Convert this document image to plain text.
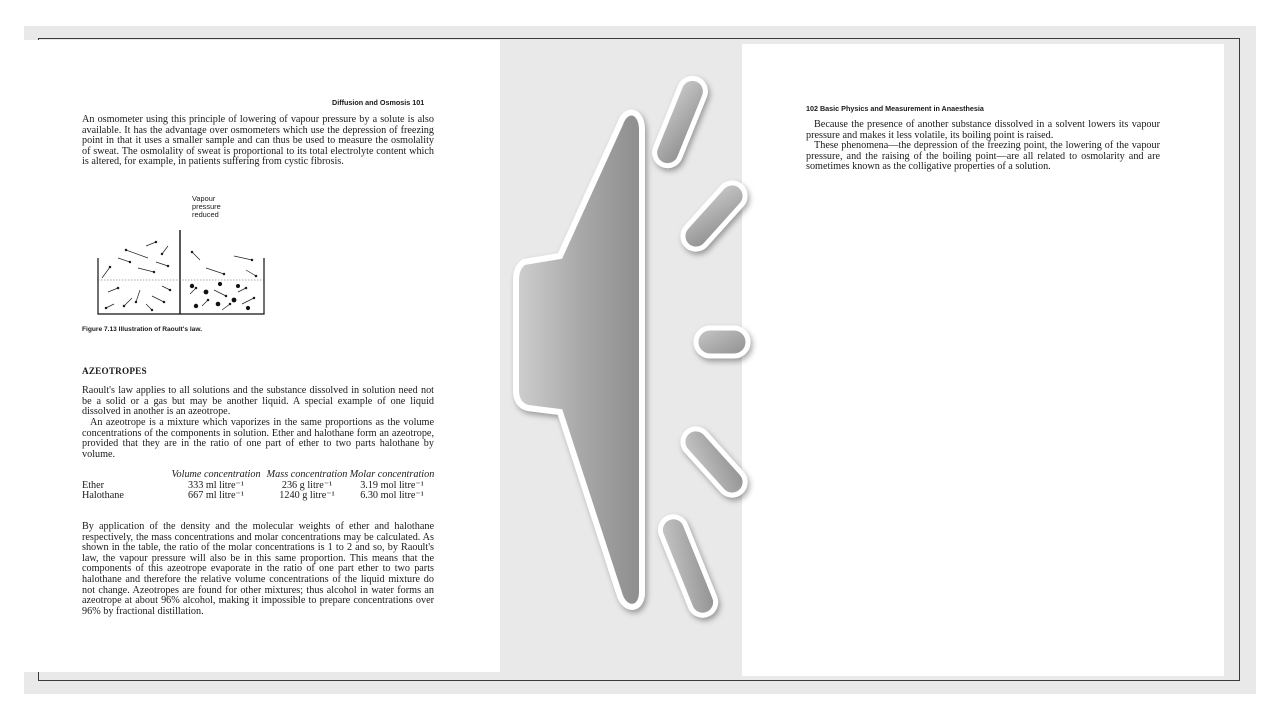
Diffusion and Osmosis 101

An osmometer using this principle of lowering of vapour pressure by a solute is also available. It has the advantage over osmometers which use the depression of freezing point in that it uses a smaller sample and can thus be used to measure the osmolality of sweat. The osmolality of sweat is proportional to its total electrolyte content which is altered, for example, in patients suffering from cystic fibrosis.

Vapour pressure reduced
Figure 7.13 Illustration of Raoult's law.
AZEOTROPES

Raoult's law applies to all solutions and the substance dissolved in solution need not be a solid or a gas but may be another liquid. A special example of one liquid dissolved in another is an azeotrope.

An azeotrope is a mixture which vaporizes in the same proportions as the volume concentrations of the components in solution. Ether and halothane form an azeotrope, provided that they are in the ratio of one part of ether to two parts halothane by volume.

	Volume concentration	Mass concentration	Molar concentration
Ether	333 ml litre⁻¹	236 g litre⁻¹	3.19 mol litre⁻¹
Halothane	667 ml litre⁻¹	1240 g litre⁻¹	6.30 mol litre⁻¹

By application of the density and the molecular weights of ether and halothane respectively, the mass concentrations and molar concentrations may be calculated. As shown in the table, the ratio of the molar concentrations is 1 to 2 and so, by Raoult's law, the vapour pressure will also be in this same proportion. This means that the components of this azeotrope evaporate in the ratio of one part ether to two parts halothane and therefore the relative volume concentrations of the liquid mixture do not change. Azeotropes are found for other mixtures; thus alcohol in water forms an azeotrope at about 96% alcohol, making it impossible to prepare concentrations over 96% by fractional distillation.

102 Basic Physics and Measurement in Anaesthesia

Because the presence of another substance dissolved in a solvent lowers its vapour pressure and makes it less volatile, its boiling point is raised.

These phenomena—the depression of the freezing point, the lowering of the vapour pressure, and the raising of the boiling point—are all related to osmolarity and are sometimes known as the colligative properties of a solution.
